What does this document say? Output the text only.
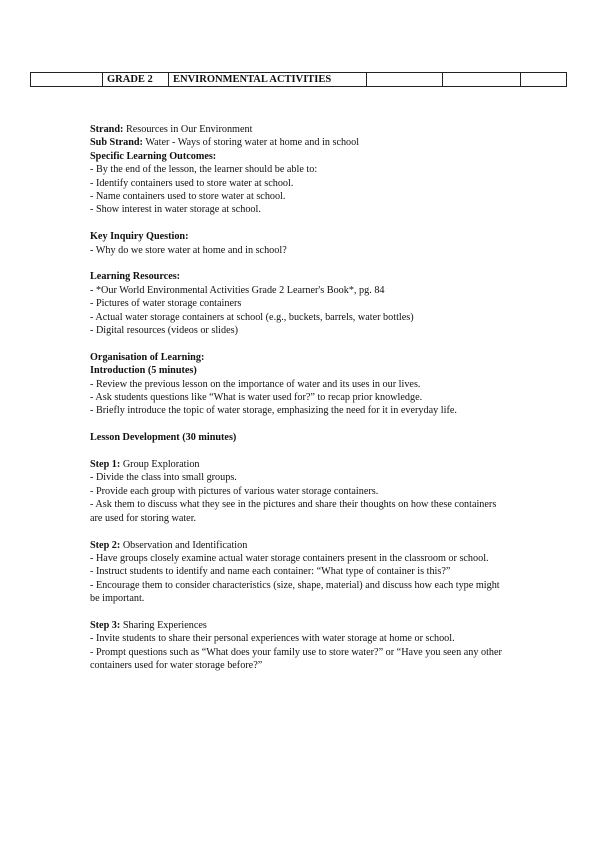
	GRADE 2	ENVIRONMENTAL ACTIVITIES			

Strand: Resources in Our Environment

Sub Strand: Water - Ways of storing water at home and in school

Specific Learning Outcomes:

- By the end of the lesson, the learner should be able to:

- Identify containers used to store water at school.

- Name containers used to store water at school.

- Show interest in water storage at school.

Key Inquiry Question:

- Why do we store water at home and in school?

Learning Resources:

- *Our World Environmental Activities Grade 2 Learner's Book*, pg. 84

- Pictures of water storage containers

- Actual water storage containers at school (e.g., buckets, barrels, water bottles)

- Digital resources (videos or slides)

Organisation of Learning:

Introduction (5 minutes)

- Review the previous lesson on the importance of water and its uses in our lives.

- Ask students questions like “What is water used for?” to recap prior knowledge.

- Briefly introduce the topic of water storage, emphasizing the need for it in everyday life.

Lesson Development (30 minutes)

Step 1: Group Exploration

- Divide the class into small groups.

- Provide each group with pictures of various water storage containers.

- Ask them to discuss what they see in the pictures and share their thoughts on how these containers are used for storing water.

Step 2: Observation and Identification

- Have groups closely examine actual water storage containers present in the classroom or school.

- Instruct students to identify and name each container: “What type of container is this?”

- Encourage them to consider characteristics (size, shape, material) and discuss how each type might be important.

Step 3: Sharing Experiences

- Invite students to share their personal experiences with water storage at home or school.

- Prompt questions such as “What does your family use to store water?” or “Have you seen any other containers used for water storage before?”
